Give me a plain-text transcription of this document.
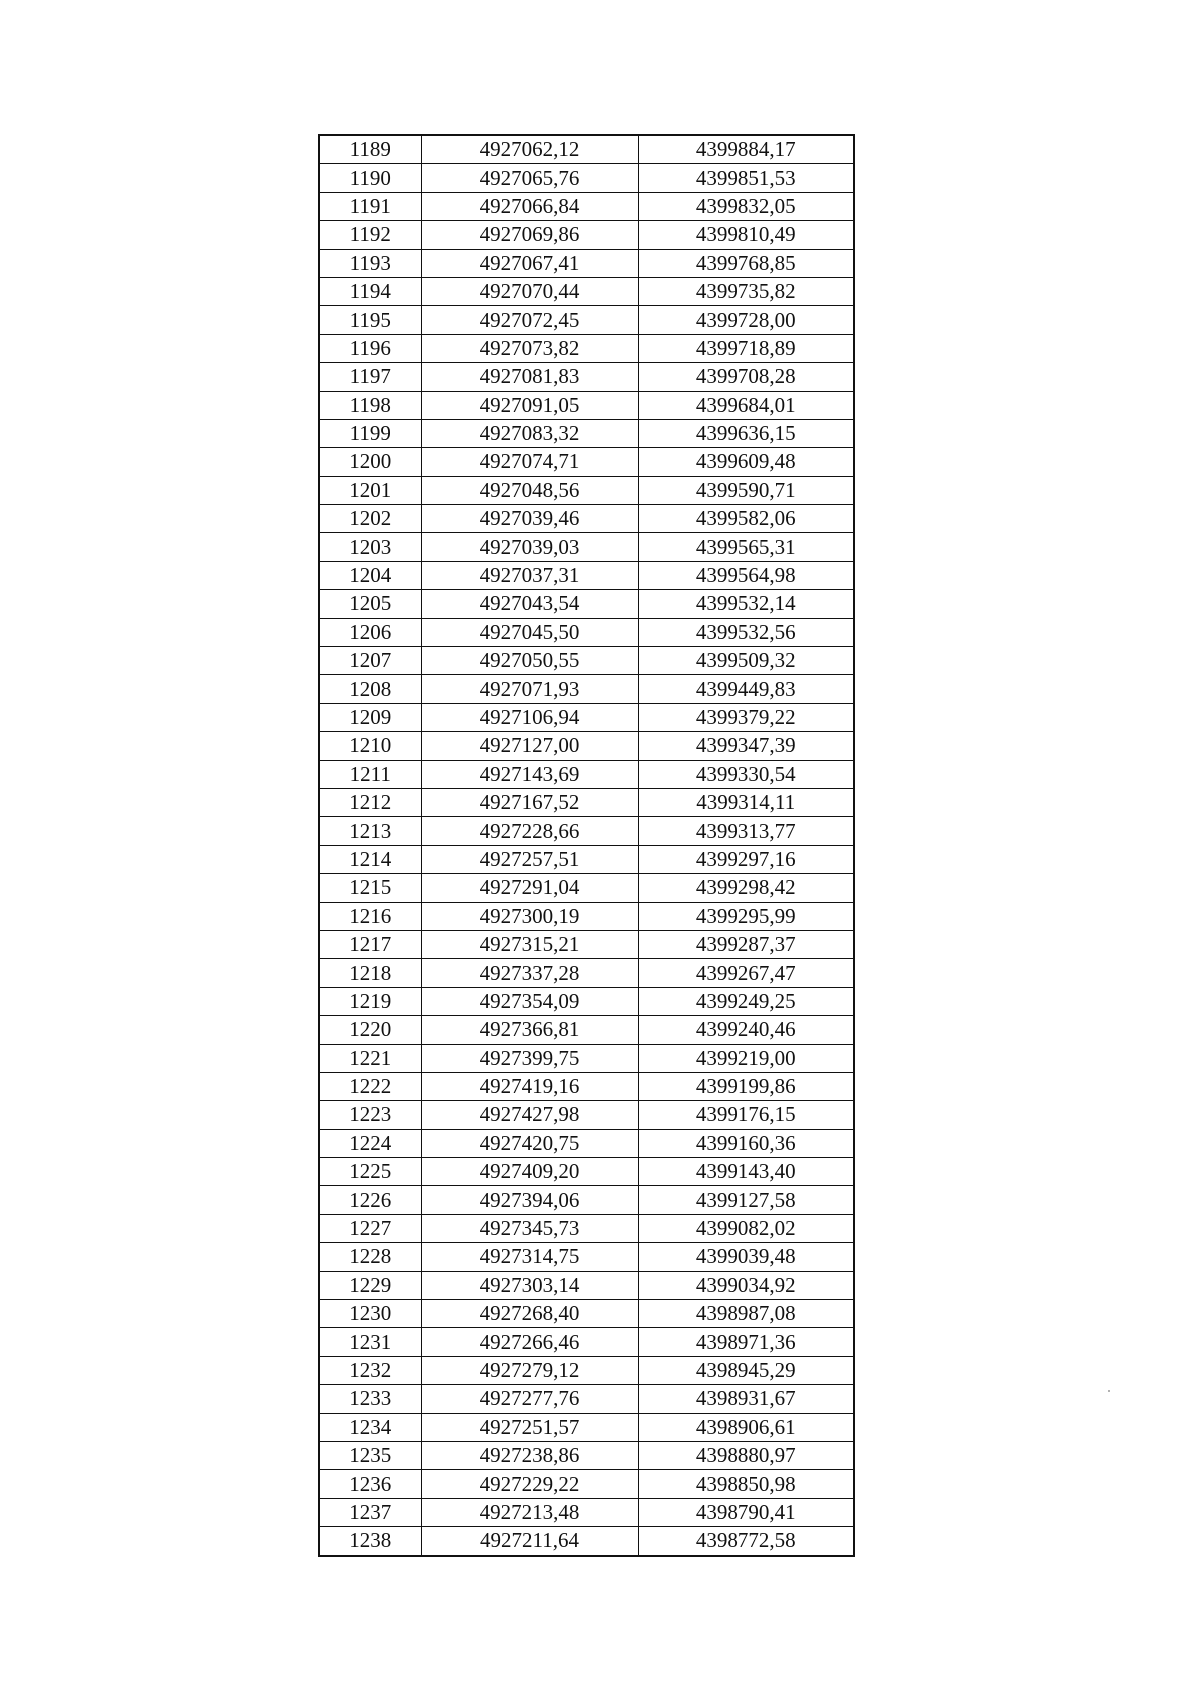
1189	4927062,12	4399884,17
1190	4927065,76	4399851,53
1191	4927066,84	4399832,05
1192	4927069,86	4399810,49
1193	4927067,41	4399768,85
1194	4927070,44	4399735,82
1195	4927072,45	4399728,00
1196	4927073,82	4399718,89
1197	4927081,83	4399708,28
1198	4927091,05	4399684,01
1199	4927083,32	4399636,15
1200	4927074,71	4399609,48
1201	4927048,56	4399590,71
1202	4927039,46	4399582,06
1203	4927039,03	4399565,31
1204	4927037,31	4399564,98
1205	4927043,54	4399532,14
1206	4927045,50	4399532,56
1207	4927050,55	4399509,32
1208	4927071,93	4399449,83
1209	4927106,94	4399379,22
1210	4927127,00	4399347,39
1211	4927143,69	4399330,54
1212	4927167,52	4399314,11
1213	4927228,66	4399313,77
1214	4927257,51	4399297,16
1215	4927291,04	4399298,42
1216	4927300,19	4399295,99
1217	4927315,21	4399287,37
1218	4927337,28	4399267,47
1219	4927354,09	4399249,25
1220	4927366,81	4399240,46
1221	4927399,75	4399219,00
1222	4927419,16	4399199,86
1223	4927427,98	4399176,15
1224	4927420,75	4399160,36
1225	4927409,20	4399143,40
1226	4927394,06	4399127,58
1227	4927345,73	4399082,02
1228	4927314,75	4399039,48
1229	4927303,14	4399034,92
1230	4927268,40	4398987,08
1231	4927266,46	4398971,36
1232	4927279,12	4398945,29
1233	4927277,76	4398931,67
1234	4927251,57	4398906,61
1235	4927238,86	4398880,97
1236	4927229,22	4398850,98
1237	4927213,48	4398790,41
1238	4927211,64	4398772,58
